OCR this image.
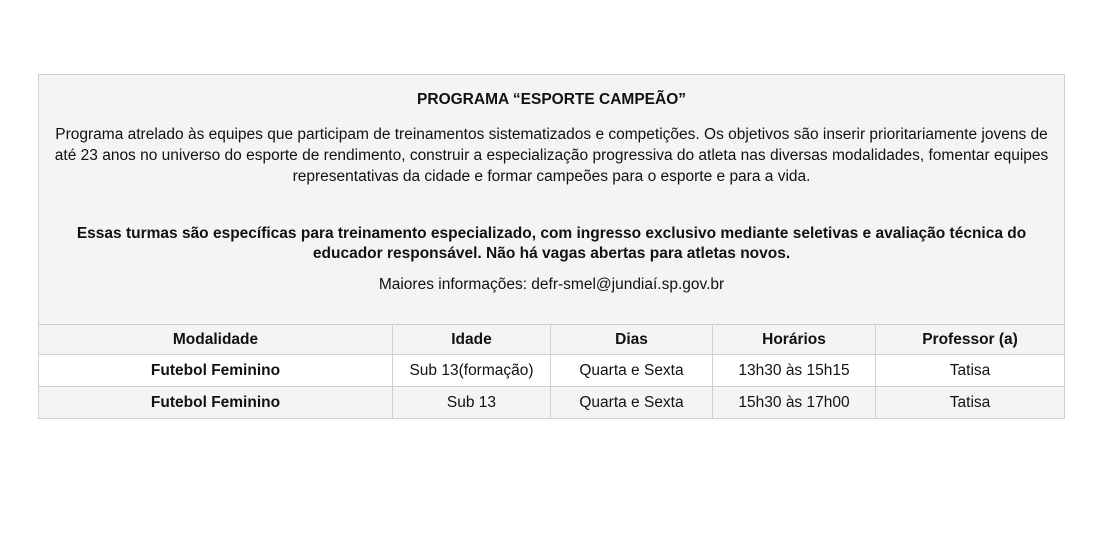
PROGRAMA “ESPORTE CAMPEÃO”
Programa atrelado às equipes que participam de treinamentos sistematizados e competições. Os objetivos são inserir prioritariamente jovens de até 23 anos no universo do esporte de rendimento, construir a especialização progressiva do atleta nas diversas modalidades, fomentar equipes representativas da cidade e formar campeões para o esporte e para a vida.
Essas turmas são específicas para treinamento especializado, com ingresso exclusivo mediante seletivas e avaliação técnica do educador responsável. Não há vagas abertas para atletas novos.
Maiores informações: defr-smel@jundiaí.sp.gov.br				

Modalidade	Idade	Dias	Horários	Professor (a)
Futebol Feminino	Sub 13(formação)	Quarta e Sexta	13h30 às 15h15	Tatisa
Futebol Feminino	Sub 13	Quarta e Sexta	15h30 às 17h00	Tatisa
